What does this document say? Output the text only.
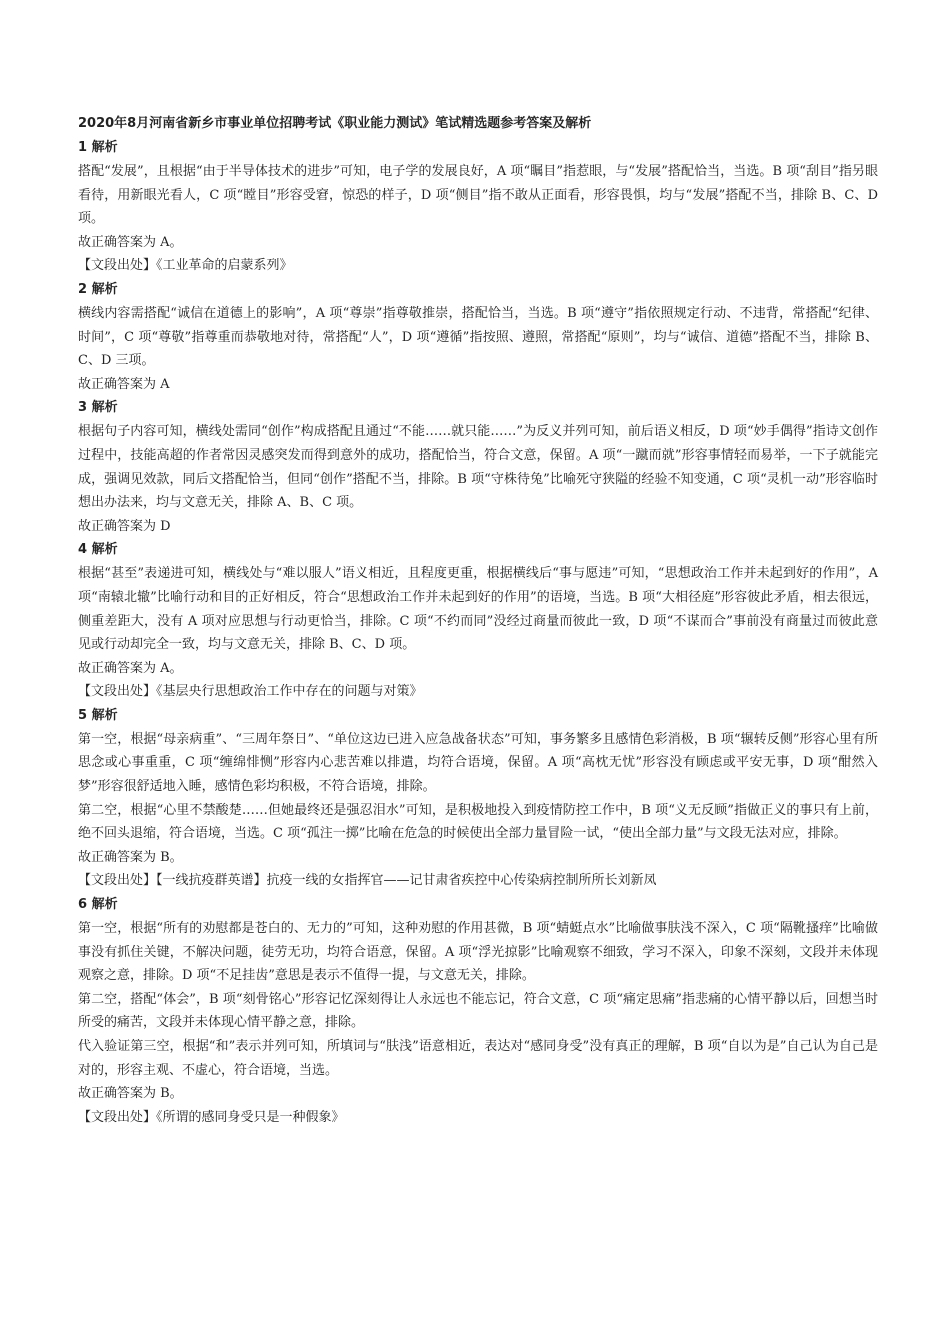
2020年8月河南省新乡市事业单位招聘考试《职业能力测试》笔试精选题参考答案及解析
1 解析

搭配“发展”，且根据“由于半导体技术的进步”可知，电子学的发展良好，A 项“瞩目”指惹眼，与“发展”搭配恰当，当选。B 项“刮目”指另眼看待，用新眼光看人，C 项“瞠目”形容受窘，惊恐的样子，D 项“侧目”指不敢从正面看，形容畏惧，均与“发展”搭配不当，排除 B、C、D 项。

故正确答案为 A。

【文段出处】《工业革命的启蒙系列》

2 解析

横线内容需搭配“诚信在道德上的影响”，A 项“尊崇”指尊敬推崇，搭配恰当，当选。B 项“遵守”指依照规定行动、不违背，常搭配“纪律、时间”，C 项“尊敬”指尊重而恭敬地对待，常搭配“人”，D 项“遵循”指按照、遵照，常搭配“原则”，均与“诚信、道德”搭配不当，排除 B、C、D 三项。

故正确答案为 A

3 解析

根据句子内容可知，横线处需同“创作”构成搭配且通过“不能……就只能……”为反义并列可知，前后语义相反，D 项“妙手偶得”指诗文创作过程中，技能高超的作者常因灵感突发而得到意外的成功，搭配恰当，符合文意，保留。A 项“一蹴而就”形容事情轻而易举，一下子就能完成，强调见效款，同后文搭配恰当，但同“创作”搭配不当，排除。B 项“守株待兔”比喻死守狭隘的经验不知变通，C 项“灵机一动”形容临时想出办法来，均与文意无关，排除 A、B、C 项。

故正确答案为 D

4 解析

根据“甚至”表递进可知，横线处与“难以服人”语义相近，且程度更重，根据横线后“事与愿违”可知，“思想政治工作并未起到好的作用”，A 项“南辕北辙”比喻行动和目的正好相反，符合“思想政治工作并未起到好的作用”的语境，当选。B 项“大相径庭”形容彼此矛盾，相去很远，侧重差距大，没有 A 项对应思想与行动更恰当，排除。C 项“不约而同”没经过商量而彼此一致，D 项“不谋而合”事前没有商量过而彼此意见或行动却完全一致，均与文意无关，排除 B、C、D 项。

故正确答案为 A。

【文段出处】《基层央行思想政治工作中存在的问题与对策》

5 解析

第一空，根据“母亲病重”、“三周年祭日”、“单位这边已进入应急战备状态”可知，事务繁多且感情色彩消极，B 项“辗转反侧”形容心里有所思念或心事重重，C 项“缠绵悱恻”形容内心悲苦难以排遣，均符合语境，保留。A 项“高枕无忧”形容没有顾虑或平安无事，D 项“酣然入梦”形容很舒适地入睡，感情色彩均积极，不符合语境，排除。

第二空，根据“心里不禁酸楚……但她最终还是强忍泪水”可知，是积极地投入到疫情防控工作中，B 项“义无反顾”指做正义的事只有上前，绝不回头退缩，符合语境，当选。C 项“孤注一掷”比喻在危急的时候使出全部力量冒险一试，“使出全部力量”与文段无法对应，排除。

故正确答案为 B。

【文段出处】【一线抗疫群英谱】抗疫一线的女指挥官——记甘肃省疾控中心传染病控制所所长刘新凤

6 解析

第一空，根据“所有的劝慰都是苍白的、无力的”可知，这种劝慰的作用甚微，B 项“蜻蜓点水”比喻做事肤浅不深入，C 项“隔靴搔痒”比喻做事没有抓住关键，不解决问题，徒劳无功，均符合语意，保留。A 项“浮光掠影”比喻观察不细致，学习不深入，印象不深刻，文段并未体现观察之意，排除。D 项“不足挂齿”意思是表示不值得一提，与文意无关，排除。

第二空，搭配“体会”，B 项“刻骨铭心”形容记忆深刻得让人永远也不能忘记，符合文意，C 项“痛定思痛”指悲痛的心情平静以后，回想当时所受的痛苦，文段并未体现心情平静之意，排除。

代入验证第三空，根据“和”表示并列可知，所填词与“肤浅”语意相近，表达对“感同身受”没有真正的理解，B 项“自以为是”自己认为自己是对的，形容主观、不虚心，符合语境，当选。

故正确答案为 B。

【文段出处】《所谓的感同身受只是一种假象》
